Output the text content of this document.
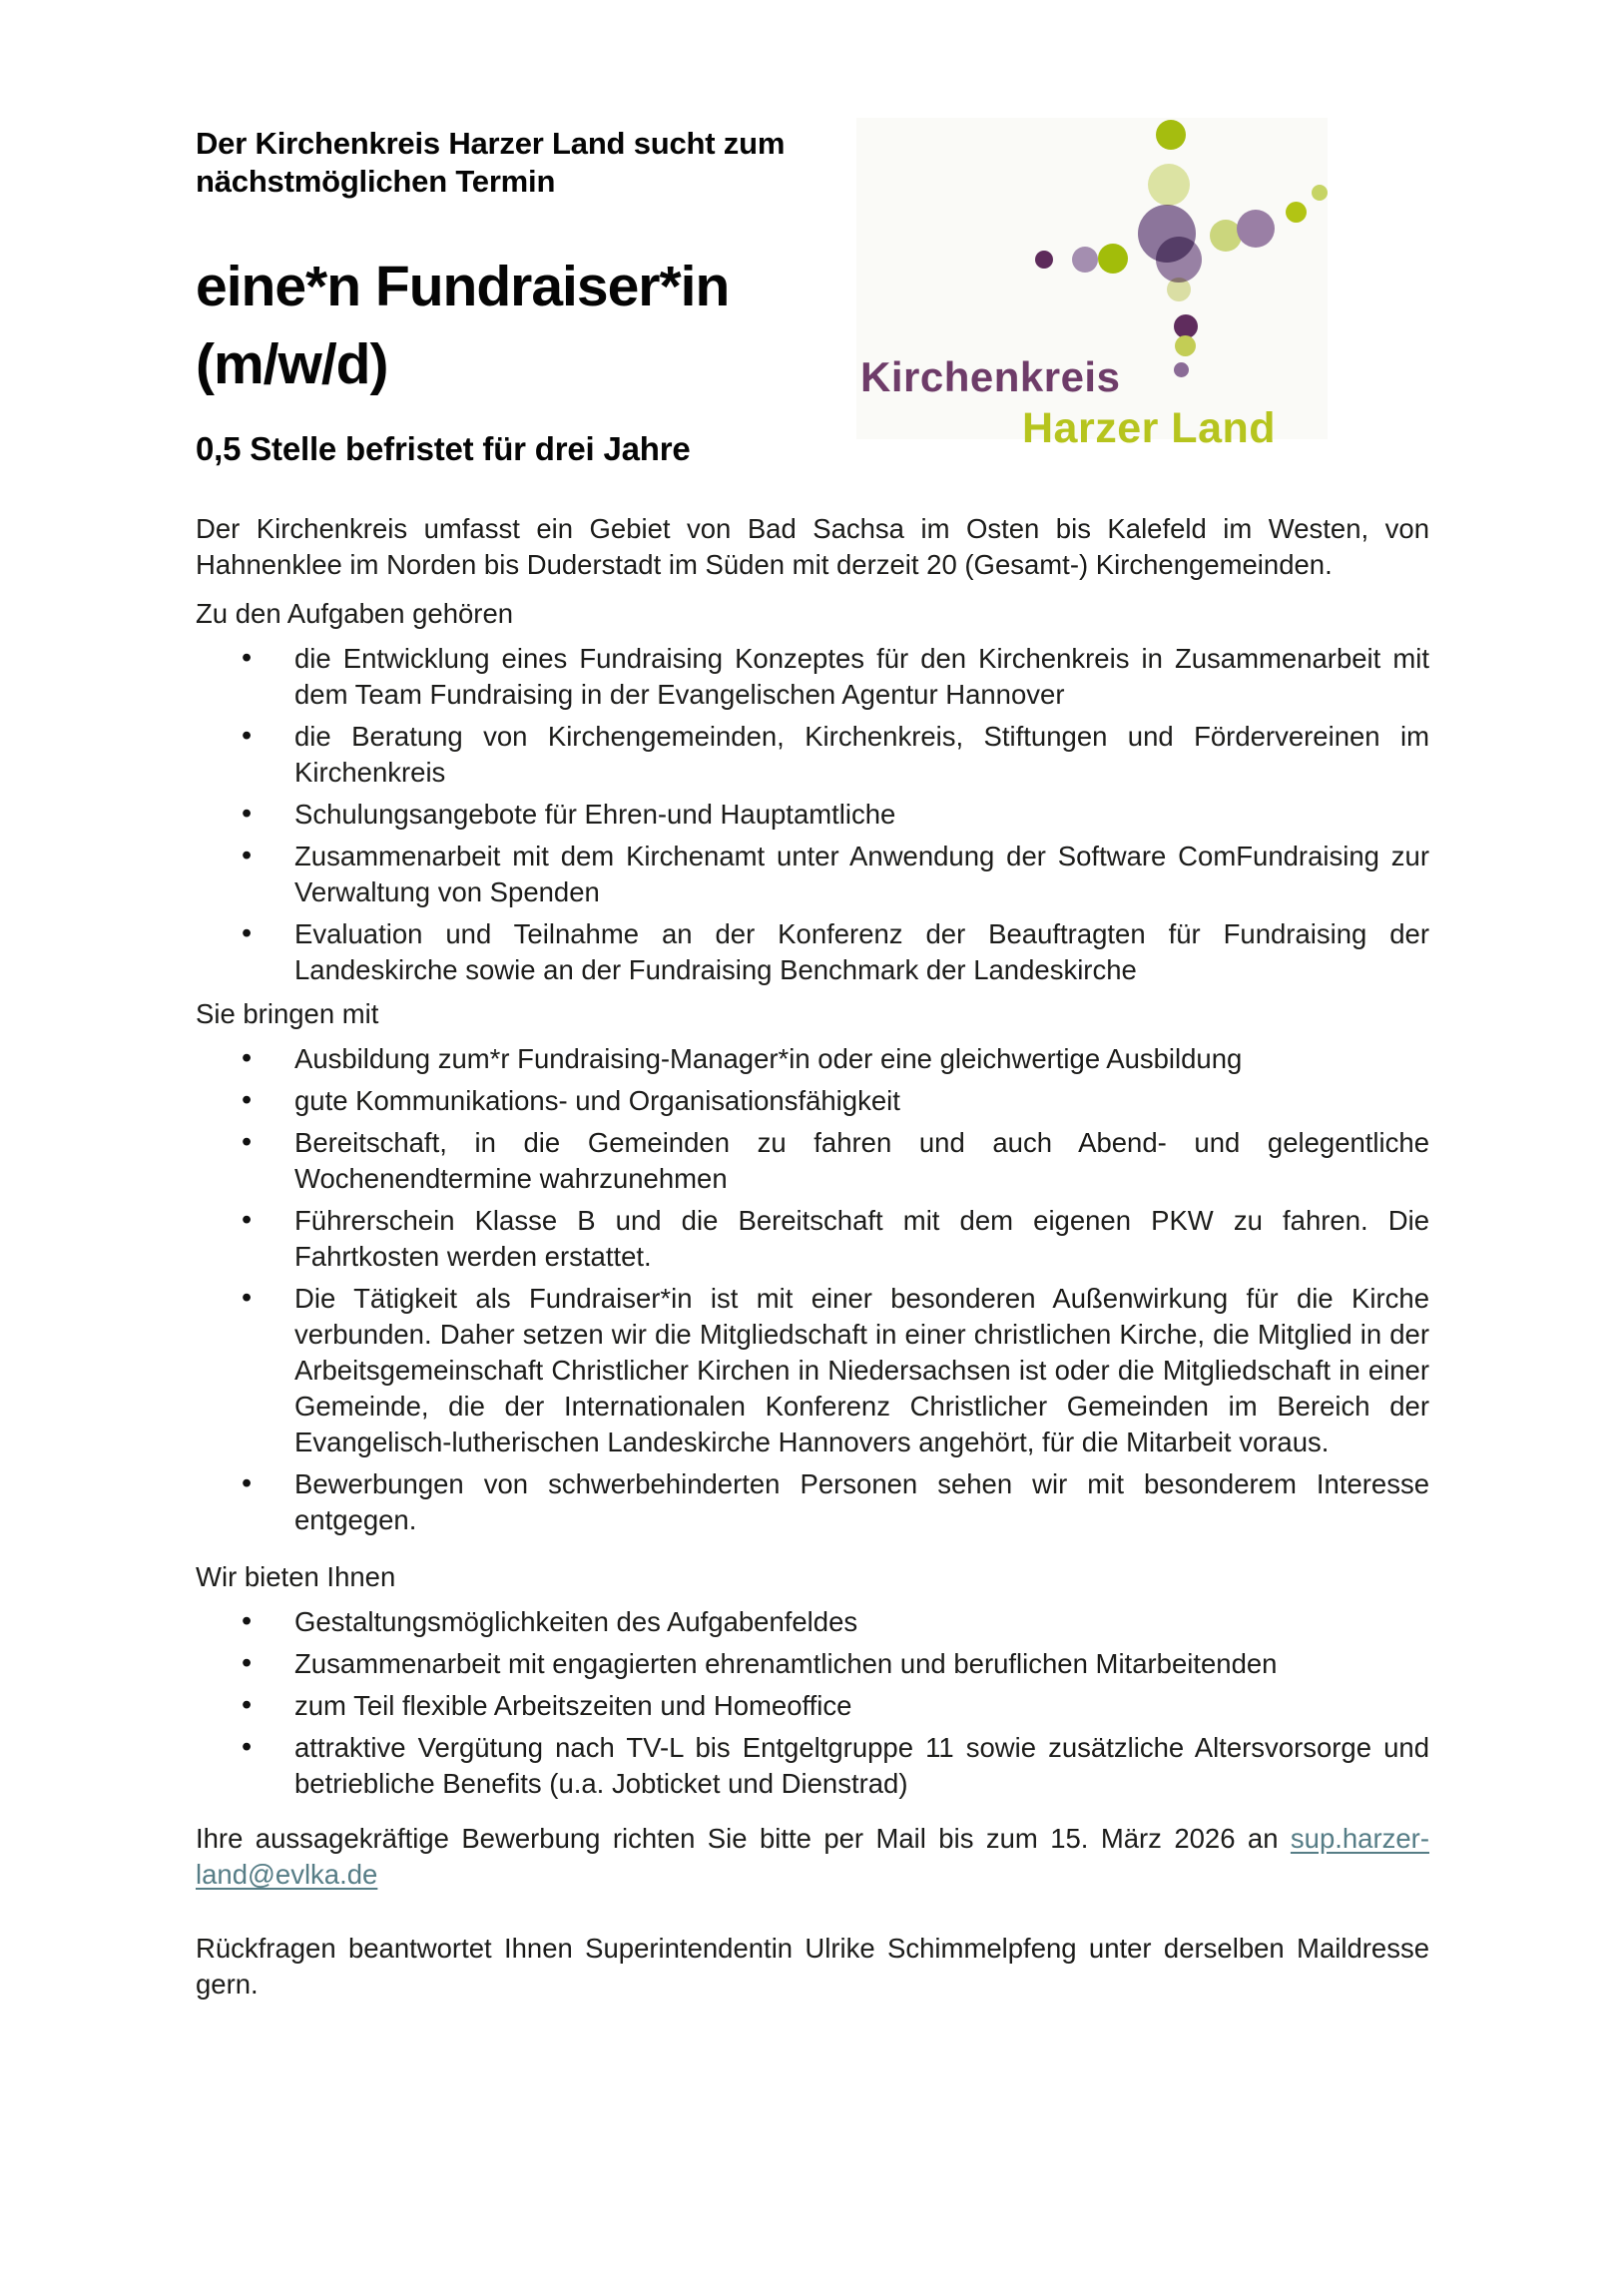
Kirchenkreis
Harzer Land
Der Kirchenkreis Harzer Land sucht zum
nächstmöglichen Termin
eine*n Fundraiser*in
(m/w/d)
0,5 Stelle befristet für drei Jahre

Der Kirchenkreis umfasst ein Gebiet von Bad Sachsa im Osten bis Kalefeld im Westen, von Hahnenklee im Norden bis Duderstadt im Süden mit derzeit 20 (Gesamt-) Kirchengemeinden.

Zu den Aufgaben gehören

• die Entwicklung eines Fundraising Konzeptes für den Kirchenkreis in Zusammenarbeit mit dem Team Fundraising in der Evangelischen Agentur Hannover
• die Beratung von Kirchengemeinden, Kirchenkreis, Stiftungen und Fördervereinen im Kirchenkreis
• Schulungsangebote für Ehren-und Hauptamtliche
• Zusammenarbeit mit dem Kirchenamt unter Anwendung der Software ComFundraising zur Verwaltung von Spenden
• Evaluation und Teilnahme an der Konferenz der Beauftragten für Fundraising der Landeskirche sowie an der Fundraising Benchmark der Landeskirche

Sie bringen mit

• Ausbildung zum*r Fundraising-Manager*in oder eine gleichwertige Ausbildung
• gute Kommunikations- und Organisationsfähigkeit
• Bereitschaft, in die Gemeinden zu fahren und auch Abend- und gelegentliche Wochenendtermine wahrzunehmen
• Führerschein Klasse B und die Bereitschaft mit dem eigenen PKW zu fahren. Die Fahrtkosten werden erstattet.
• Die Tätigkeit als Fundraiser*in ist mit einer besonderen Außenwirkung für die Kirche verbunden. Daher setzen wir die Mitgliedschaft in einer christlichen Kirche, die Mitglied in der Arbeitsgemeinschaft Christlicher Kirchen in Niedersachsen ist oder die Mitgliedschaft in einer Gemeinde, die der Internationalen Konferenz Christlicher Gemeinden im Bereich der Evangelisch-lutherischen Landeskirche Hannovers angehört, für die Mitarbeit voraus.
• Bewerbungen von schwerbehinderten Personen sehen wir mit besonderem Interesse entgegen.

Wir bieten Ihnen

• Gestaltungsmöglichkeiten des Aufgabenfeldes
• Zusammenarbeit mit engagierten ehrenamtlichen und beruflichen Mitarbeitenden
• zum Teil flexible Arbeitszeiten und Homeoffice
• attraktive Vergütung nach TV-L bis Entgeltgruppe 11 sowie zusätzliche Altersvorsorge und betriebliche Benefits (u.a. Jobticket und Dienstrad)

Ihre aussagekräftige Bewerbung richten Sie bitte per Mail bis zum 15. März 2026 an sup.harzer-land@evlka.de

Rückfragen beantwortet Ihnen Superintendentin Ulrike Schimmelpfeng unter derselben Maildresse gern.
